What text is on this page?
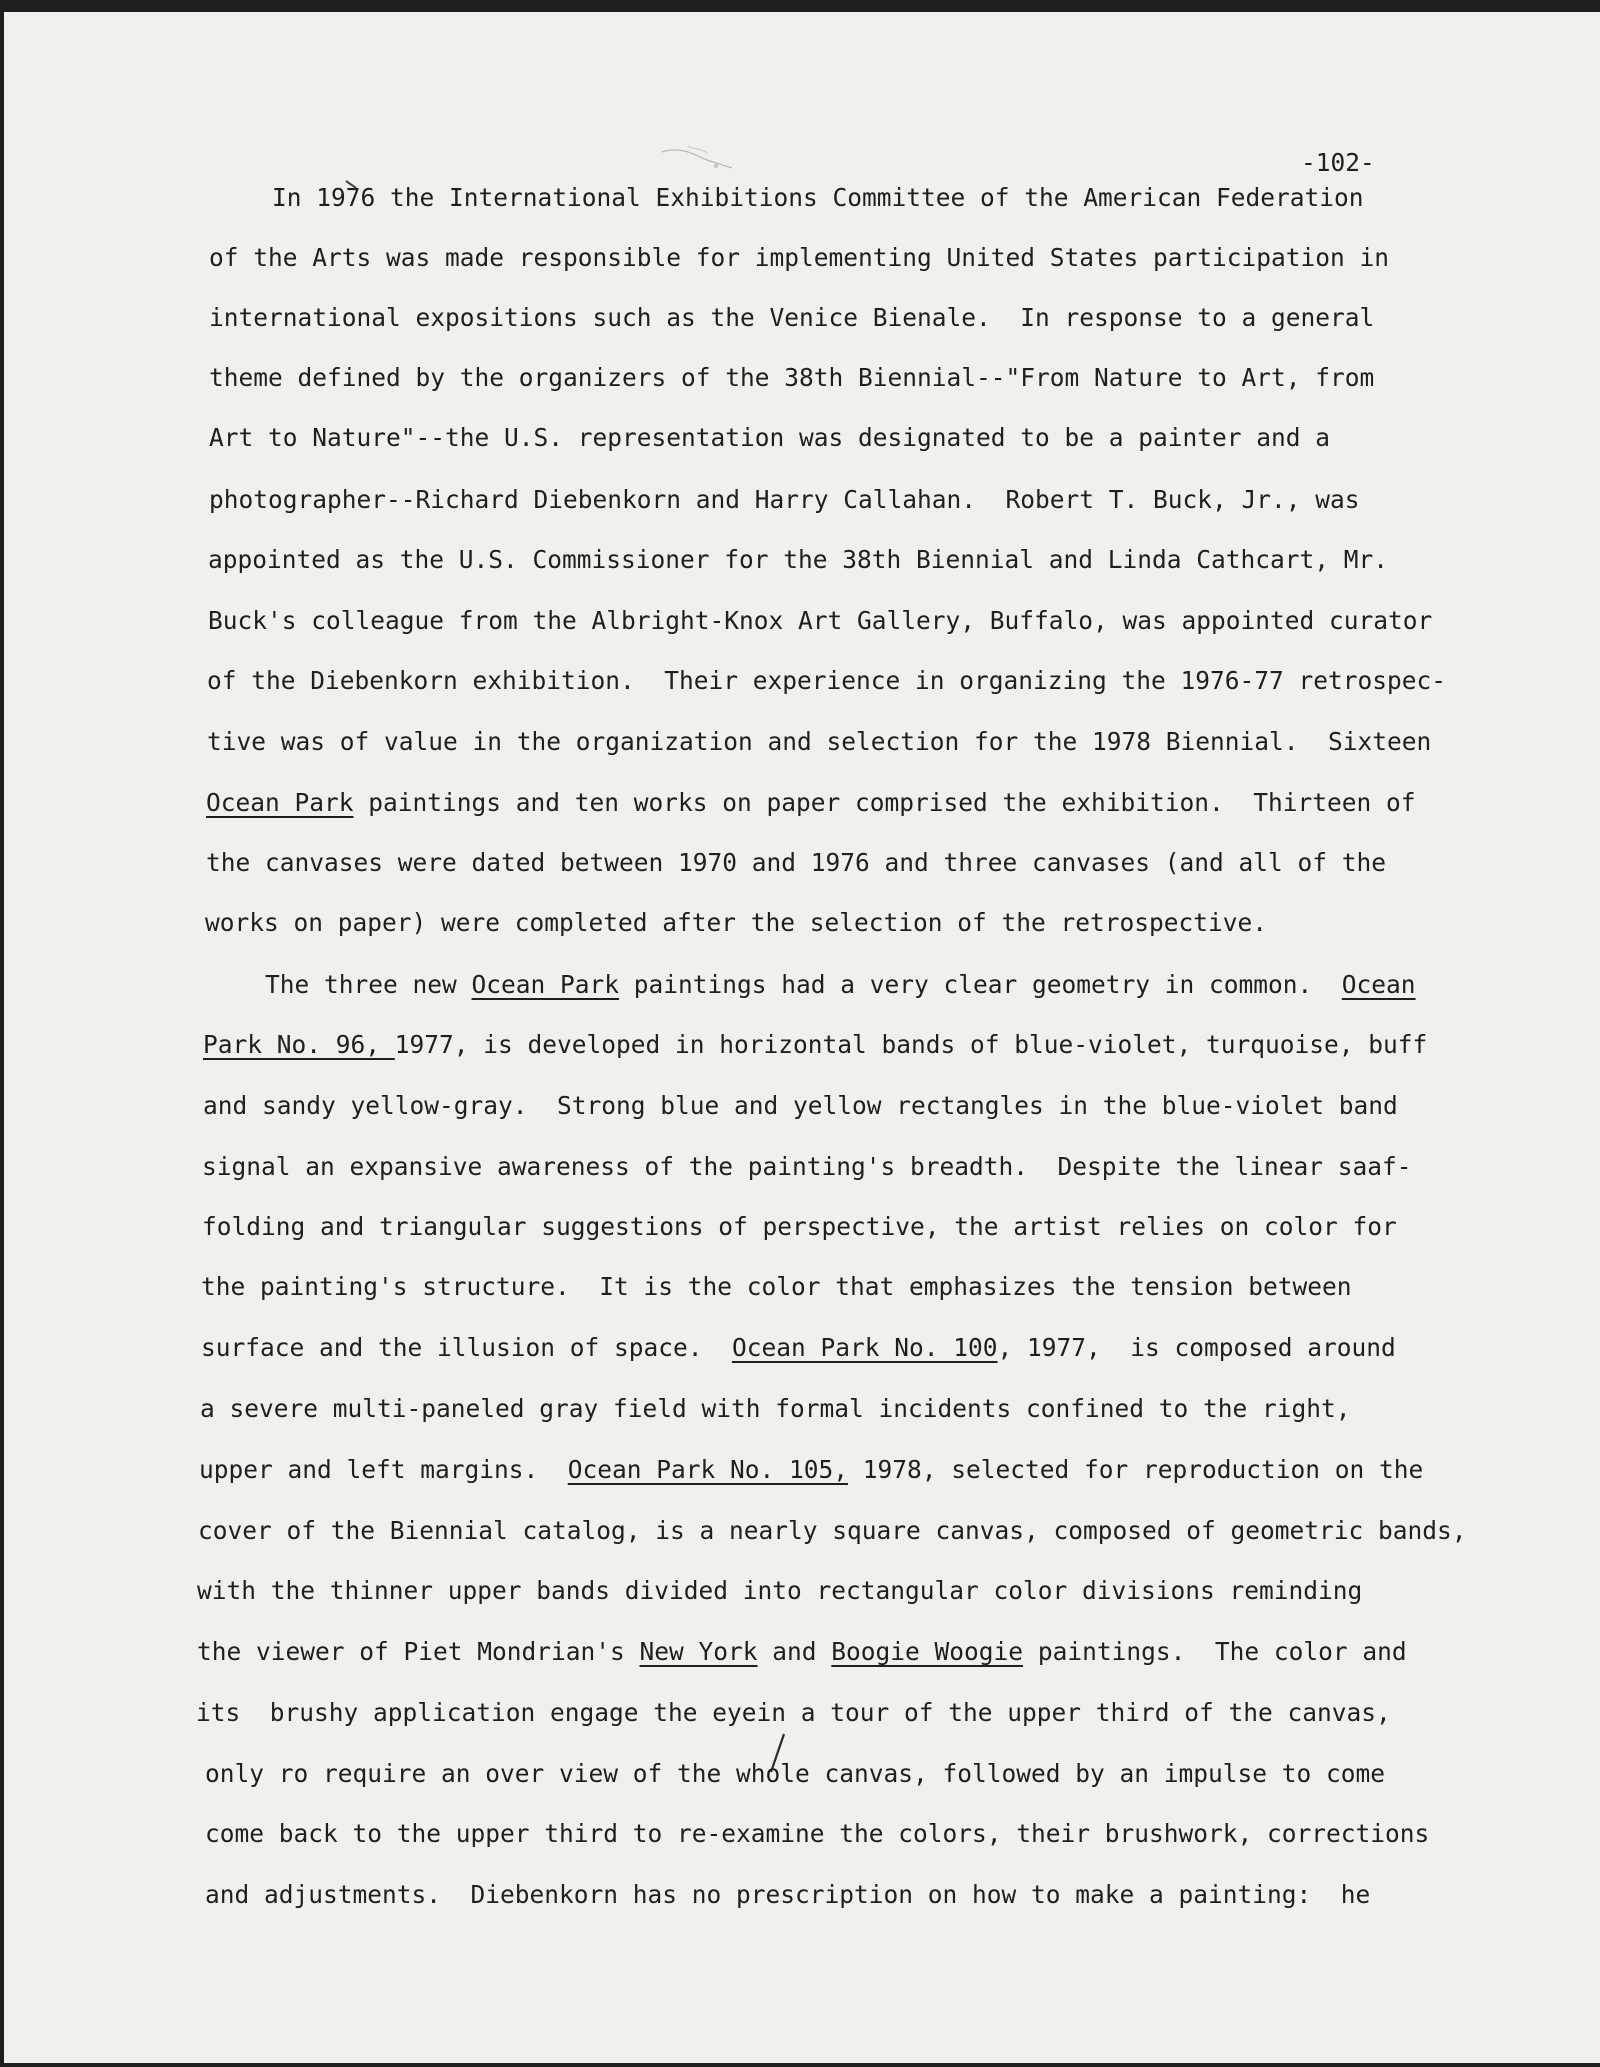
-102-
In 1976 the International Exhibitions Committee of the American Federation
of the Arts was made responsible for implementing United States participation in
international expositions such as the Venice Bienale.  In response to a general
theme defined by the organizers of the 38th Biennial--"From Nature to Art, from
Art to Nature"--the U.S. representation was designated to be a painter and a
photographer--Richard Diebenkorn and Harry Callahan.  Robert T. Buck, Jr., was
appointed as the U.S. Commissioner for the 38th Biennial and Linda Cathcart, Mr.
Buck's colleague from the Albright-Knox Art Gallery, Buffalo, was appointed curator
of the Diebenkorn exhibition.  Their experience in organizing the 1976-77 retrospec-
tive was of value in the organization and selection for the 1978 Biennial.  Sixteen
Ocean Park paintings and ten works on paper comprised the exhibition.  Thirteen of
the canvases were dated between 1970 and 1976 and three canvases (and all of the
works on paper) were completed after the selection of the retrospective.
The three new Ocean Park paintings had a very clear geometry in common.  Ocean
Park No. 96, 1977, is developed in horizontal bands of blue-violet, turquoise, buff
and sandy yellow-gray.  Strong blue and yellow rectangles in the blue-violet band
signal an expansive awareness of the painting's breadth.  Despite the linear saaf-
folding and triangular suggestions of perspective, the artist relies on color for
the painting's structure.  It is the color that emphasizes the tension between
surface and the illusion of space.  Ocean Park No. 100, 1977,  is composed around
a severe multi-paneled gray field with formal incidents confined to the right,
upper and left margins.  Ocean Park No. 105, 1978, selected for reproduction on the
cover of the Biennial catalog, is a nearly square canvas, composed of geometric bands,
with the thinner upper bands divided into rectangular color divisions reminding
the viewer of Piet Mondrian's New York and Boogie Woogie paintings.  The color and
its  brushy application engage the eyein a tour of the upper third of the canvas,
only ro require an over view of the whole canvas, followed by an impulse to come
come back to the upper third to re-examine the colors, their brushwork, corrections
and adjustments.  Diebenkorn has no prescription on how to make a painting:  he
